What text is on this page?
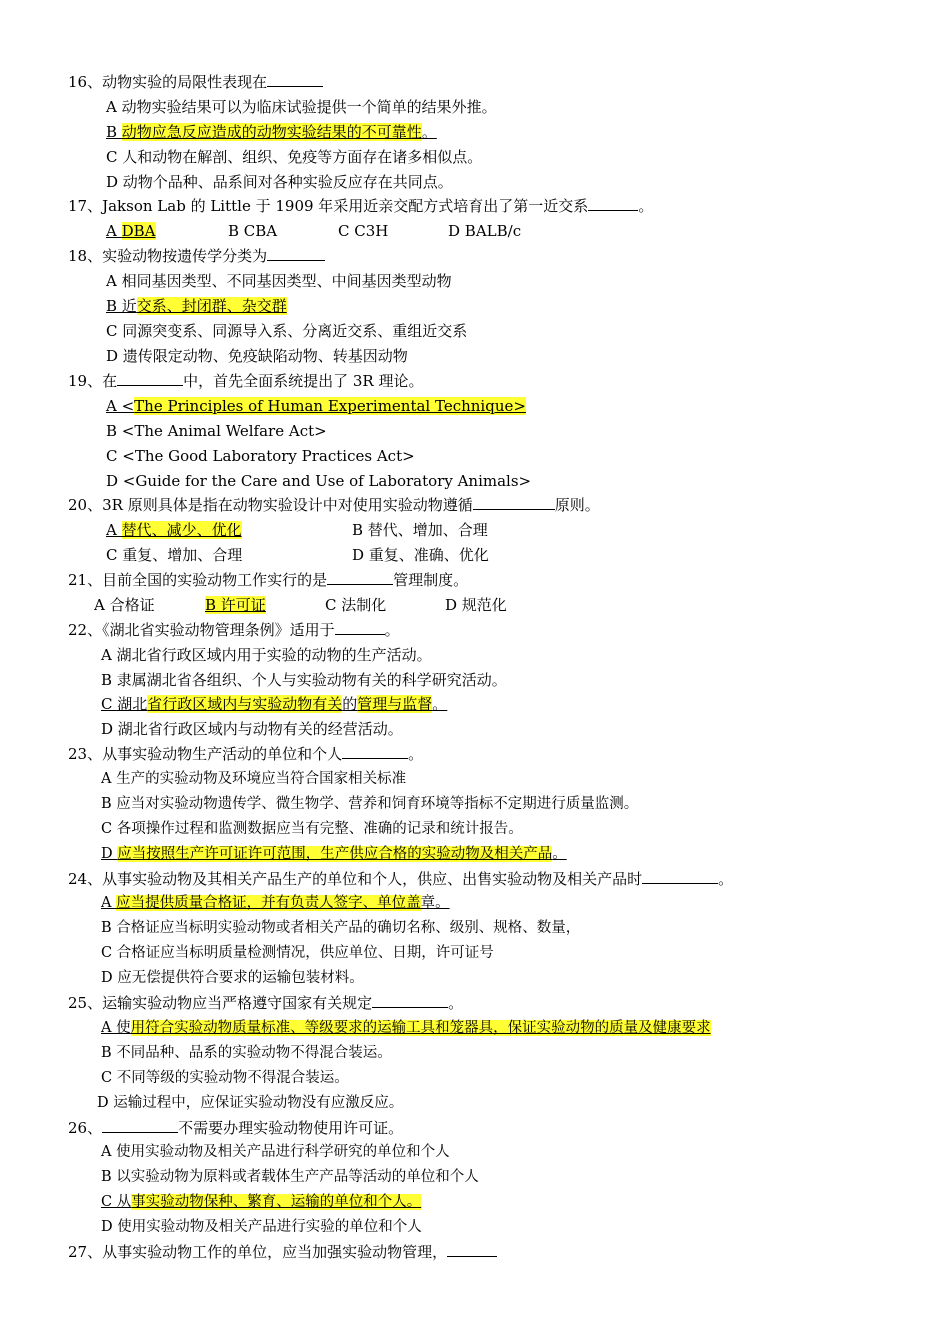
16、动物实验的局限性表现在
A 动物实验结果可以为临床试验提供一个简单的结果外推。
B 动物应急反应造成的动物实验结果的不可靠性。
C 人和动物在解剖、组织、免疫等方面存在诸多相似点。
D 动物个品种、品系间对各种实验反应存在共同点。
17、Jakson Lab 的 Little 于 1909 年采用近亲交配方式培育出了第一近交系	。
A DBA	B CBA	C C3H	D BALB/c
18、实验动物按遗传学分类为
A 相同基因类型、不同基因类型、中间基因类型动物
B 近交系、封闭群、杂交群
C 同源突变系、同源导入系、分离近交系、重组近交系
D 遗传限定动物、免疫缺陷动物、转基因动物
19、在	中，首先全面系统提出了 3R 理论。
A <The Principles of Human Experimental Technique>
B <The Animal Welfare Act>
C <The Good Laboratory Practices Act>
D <Guide for the Care and Use of Laboratory Animals>
20、3R 原则具体是指在动物实验设计中对使用实验动物遵循	原则。
A 替代、减少、优化	B 替代、增加、合理
C 重复、增加、合理	D 重复、准确、优化
21、目前全国的实验动物工作实行的是	管理制度。
A 合格证	B 许可证	C 法制化	D 规范化
22、《湖北省实验动物管理条例》适用于	。
A 湖北省行政区域内用于实验的动物的生产活动。
B 隶属湖北省各组织、个人与实验动物有关的科学研究活动。
C 湖北省行政区域内与实验动物有关的管理与监督。
D 湖北省行政区域内与动物有关的经营活动。
23、从事实验动物生产活动的单位和个人	。
A 生产的实验动物及环境应当符合国家相关标准
B 应当对实验动物遗传学、微生物学、营养和饲育环境等指标不定期进行质量监测。
C 各项操作过程和监测数据应当有完整、准确的记录和统计报告。
D 应当按照生产许可证许可范围，生产供应合格的实验动物及相关产品。
24、从事实验动物及其相关产品生产的单位和个人，供应、出售实验动物及相关产品时	。
A 应当提供质量合格证，并有负责人签字、单位盖章。
B 合格证应当标明实验动物或者相关产品的确切名称、级别、规格、数量，
C 合格证应当标明质量检测情况，供应单位、日期，许可证号
D 应无偿提供符合要求的运输包装材料。
25、运输实验动物应当严格遵守国家有关规定	。
A 使用符合实验动物质量标准、等级要求的运输工具和笼器具，保证实验动物的质量及健康要求
B 不同品种、品系的实验动物不得混合装运。
C 不同等级的实验动物不得混合装运。
D 运输过程中，应保证实验动物没有应激反应。
26、	不需要办理实验动物使用许可证。
A 使用实验动物及相关产品进行科学研究的单位和个人
B 以实验动物为原料或者载体生产产品等活动的单位和个人
C 从事实验动物保种、繁育、运输的单位和个人。
D 使用实验动物及相关产品进行实验的单位和个人
27、从事实验动物工作的单位，应当加强实验动物管理，
